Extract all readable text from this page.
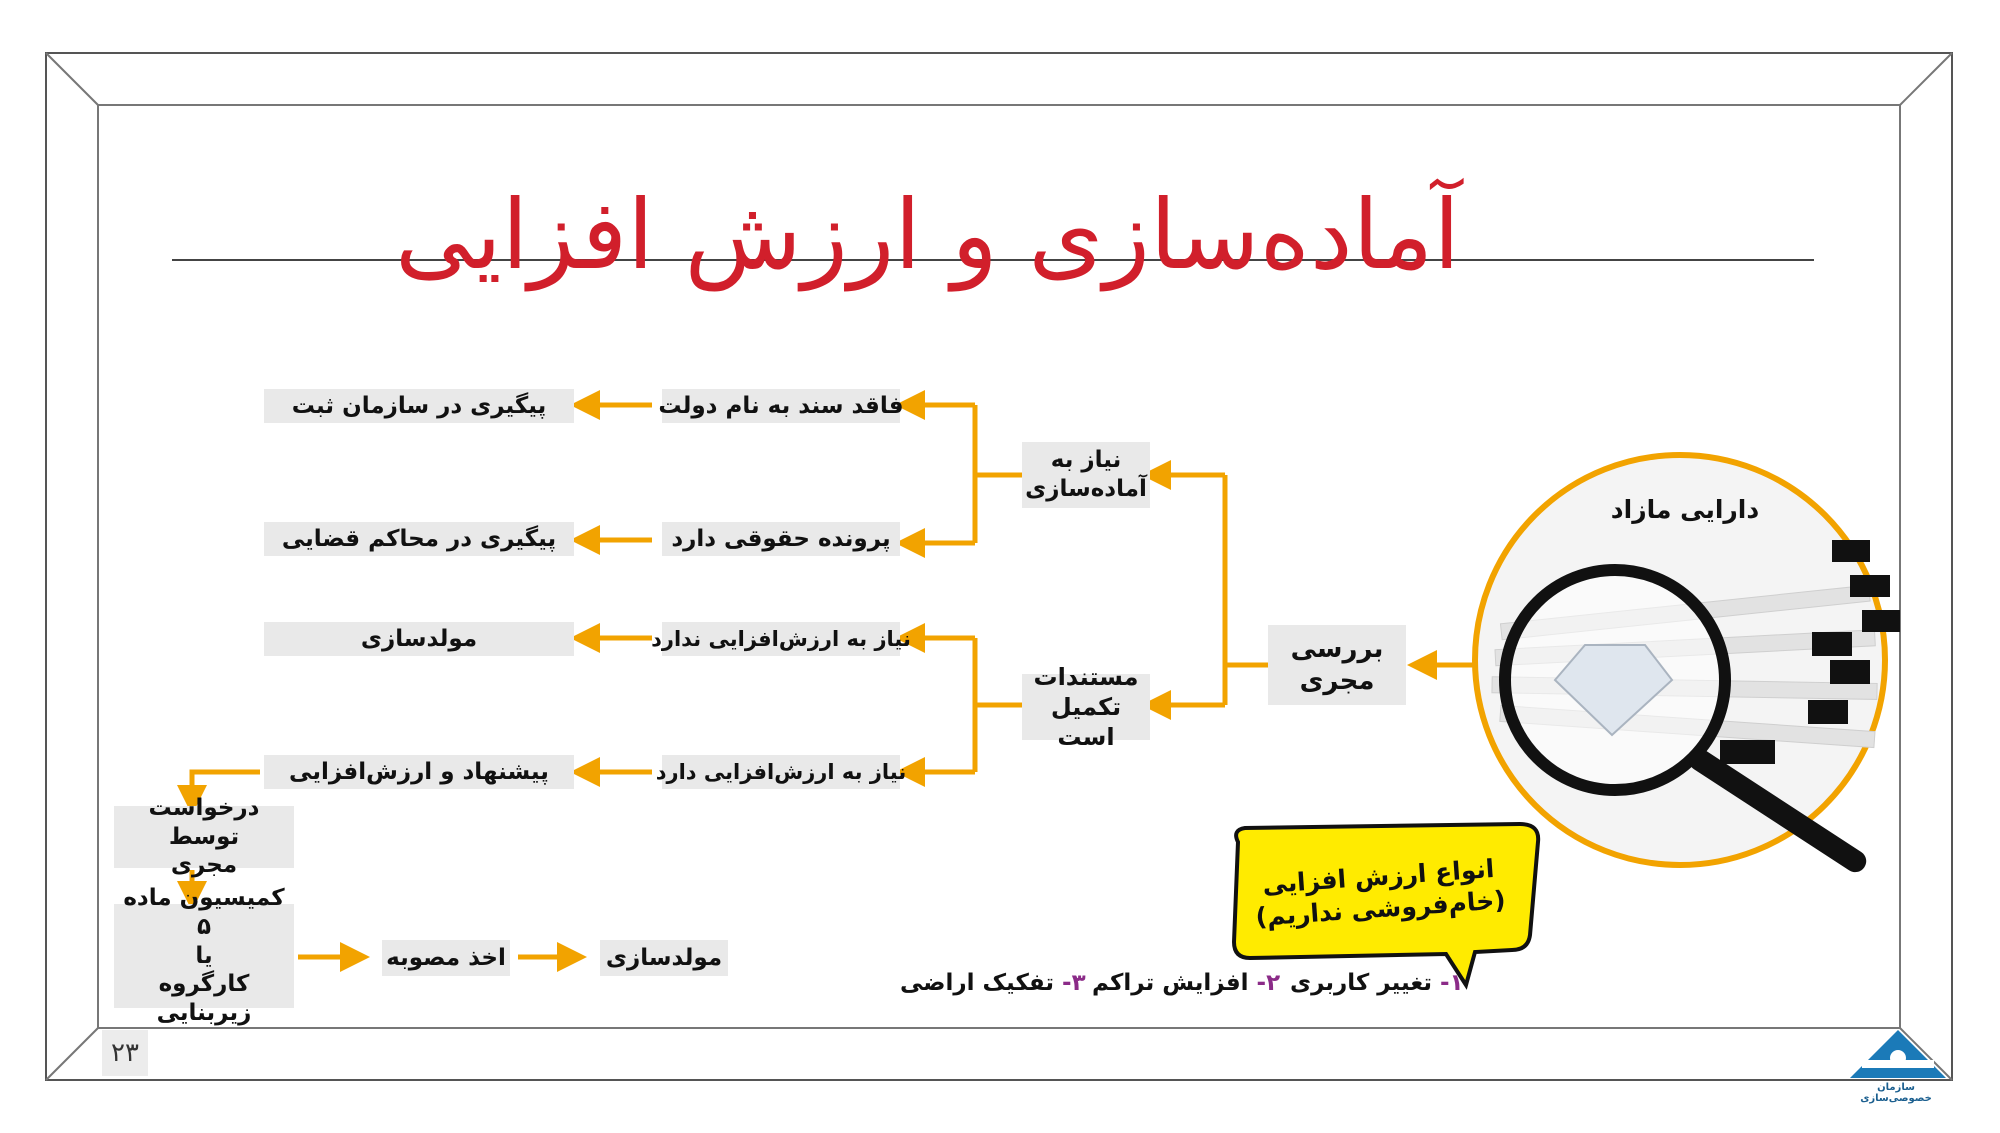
آماده‌سازی و ارزش افزایی
دارایی مازاد
بررسی
مجری
نیاز به
آماده‌سازی
مستندات
تکمیل است
فاقد سند به نام دولت
پرونده حقوقی دارد
نیاز به ارزش‌افزایی ندارد
نیاز به ارزش‌افزایی دارد
پیگیری در سازمان ثبت
پیگیری در محاکم قضایی
مولدسازی
پیشنهاد و ارزش‌افزایی
درخواست توسط
مجری
کمیسیون ماده ۵
یا
کارگروه زیربنایی
اخذ مصوبه	مولدسازی
انواع ارزش افزایی
(خام‌فروشی نداریم)
۱- تغییر کاربری
۲- افزایش تراکم
۳- تفکیک اراضی
۲۳
سازمان خصوصی‌سازی
